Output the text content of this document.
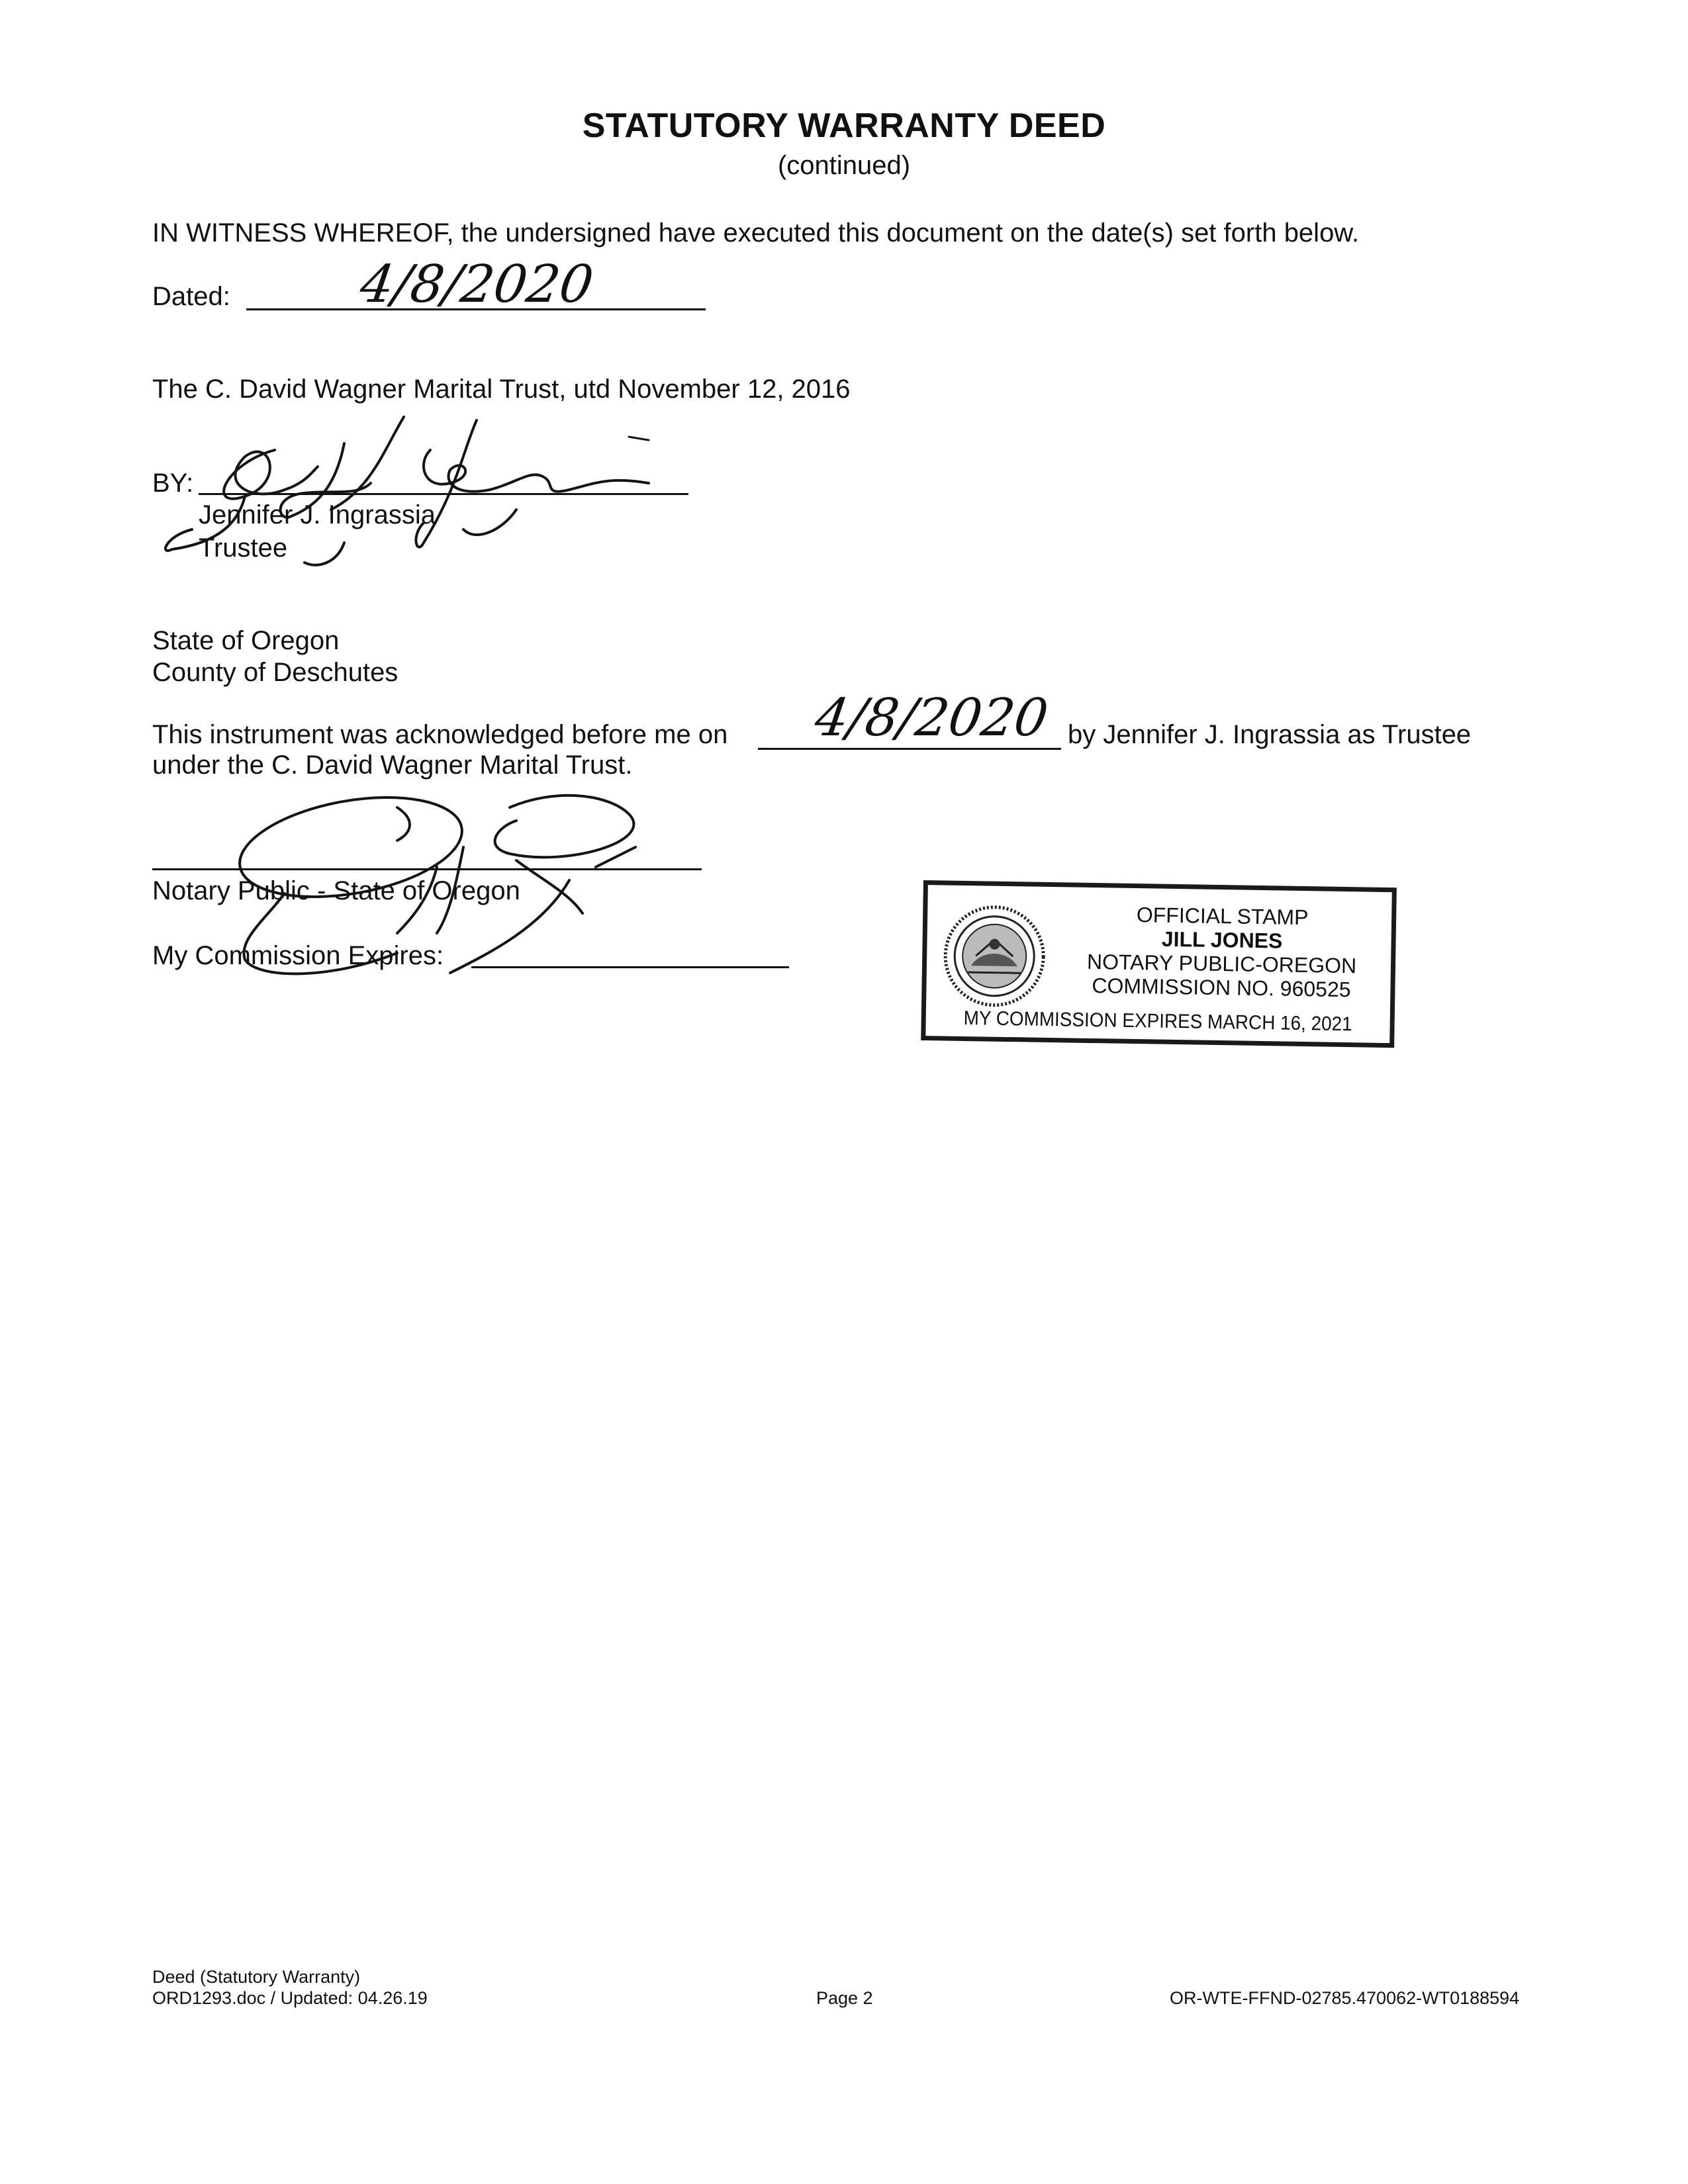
STATUTORY WARRANTY DEED
(continued)
IN WITNESS WHEREOF, the undersigned have executed this document on the date(s) set forth below.
Dated: 4/8/2020
The C. David Wagner Marital Trust, utd November 12, 2016
BY:
Jennifer J. Ingrassia
Trustee
State of Oregon
County of Deschutes
This instrument was acknowledged before me on 4/8/2020 by Jennifer J. Ingrassia as Trustee
under the C. David Wagner Marital Trust.
Notary Public - State of Oregon
My Commission Expires:
OFFICIAL STAMP
JILL JONES
NOTARY PUBLIC-OREGON
COMMISSION NO. 960525
MY COMMISSION EXPIRES MARCH 16, 2021
Deed (Statutory Warranty)
ORD1293.doc / Updated: 04.26.19	Page 2	OR-WTE-FFND-02785.470062-WT0188594
